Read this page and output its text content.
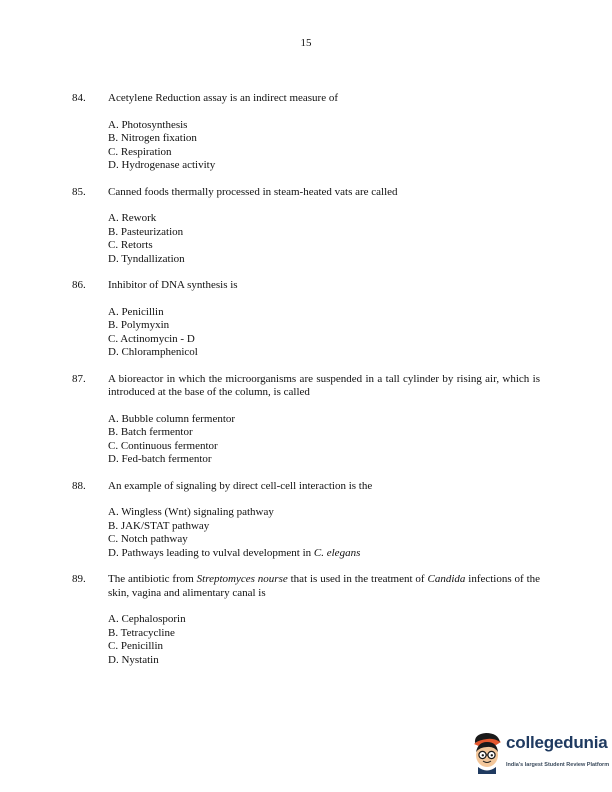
15
84.	Acetylene Reduction assay is an indirect measure of
A. Photosynthesis
B. Nitrogen fixation
C. Respiration
D. Hydrogenase activity
85.	Canned foods thermally processed in steam-heated vats are called
A. Rework
B. Pasteurization
C. Retorts
D. Tyndallization
86.	Inhibitor of DNA synthesis is
A. Penicillin
B. Polymyxin
C. Actinomycin - D
D. Chloramphenicol
87.	A bioreactor in which the microorganisms are suspended in a tall cylinder by rising air, which is introduced at the base of the column, is called
A. Bubble column fermentor
B. Batch fermentor
C. Continuous fermentor
D. Fed-batch fermentor
88.	An example of signaling by direct cell-cell interaction is the
A. Wingless (Wnt) signaling pathway
B. JAK/STAT pathway
C. Notch pathway
D. Pathways leading to vulval development in C. elegans
89.	The antibiotic from Streptomyces nourse that is used in the treatment of Candida infections of the skin, vagina and alimentary canal is
A. Cephalosporin
B. Tetracycline
C. Penicillin
D. Nystatin
collegedunia
India's largest Student Review Platform
